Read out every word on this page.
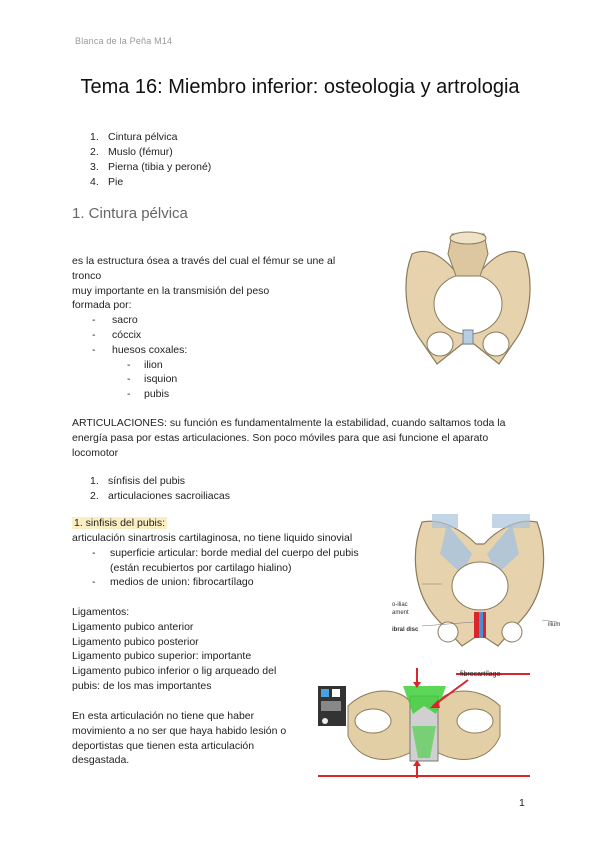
Blanca de la Peña M14
Tema 16: Miembro inferior: osteologia y artrologia
1. Cintura pélvica
2. Muslo (fémur)
3. Pierna (tibia y peroné)
4. Pie
1. Cintura pélvica
es la estructura ósea a través del cual el fémur se une al
tronco
muy importante en la transmisión del peso
formada por:
- sacro
- cóccix
- huesos coxales:
- ilion
- isquion
- pubis
ARTICULACIONES: su función es fundamentalmente la estabilidad, cuando saltamos toda la energía pasa por estas articulaciones. Son poco móviles para que asi funcione el aparato locomotor
1. sínfisis del pubis
2. articulaciones sacroiliacas
1. sinfisis del pubis:
articulación sinartrosis cartilaginosa, no tiene liquido sinovial
- superficie articular: borde medial del cuerpo del pubis (están recubiertos por cartilago hialino)
- medios de union: fibrocartílago
o-iliac
ament
ibral disc
ilium
Ligamentos:
Ligamento pubico anterior
Ligamento pubico posterior
Ligamento pubico superior: importante
Ligamento pubico inferior o lig arqueado del
pubis: de los mas importantes
fibrocartílago
En esta articulación no tiene que haber
movimiento a no ser que haya habido lesión o
deportistas que tienen esta articulación
desgastada.
1
